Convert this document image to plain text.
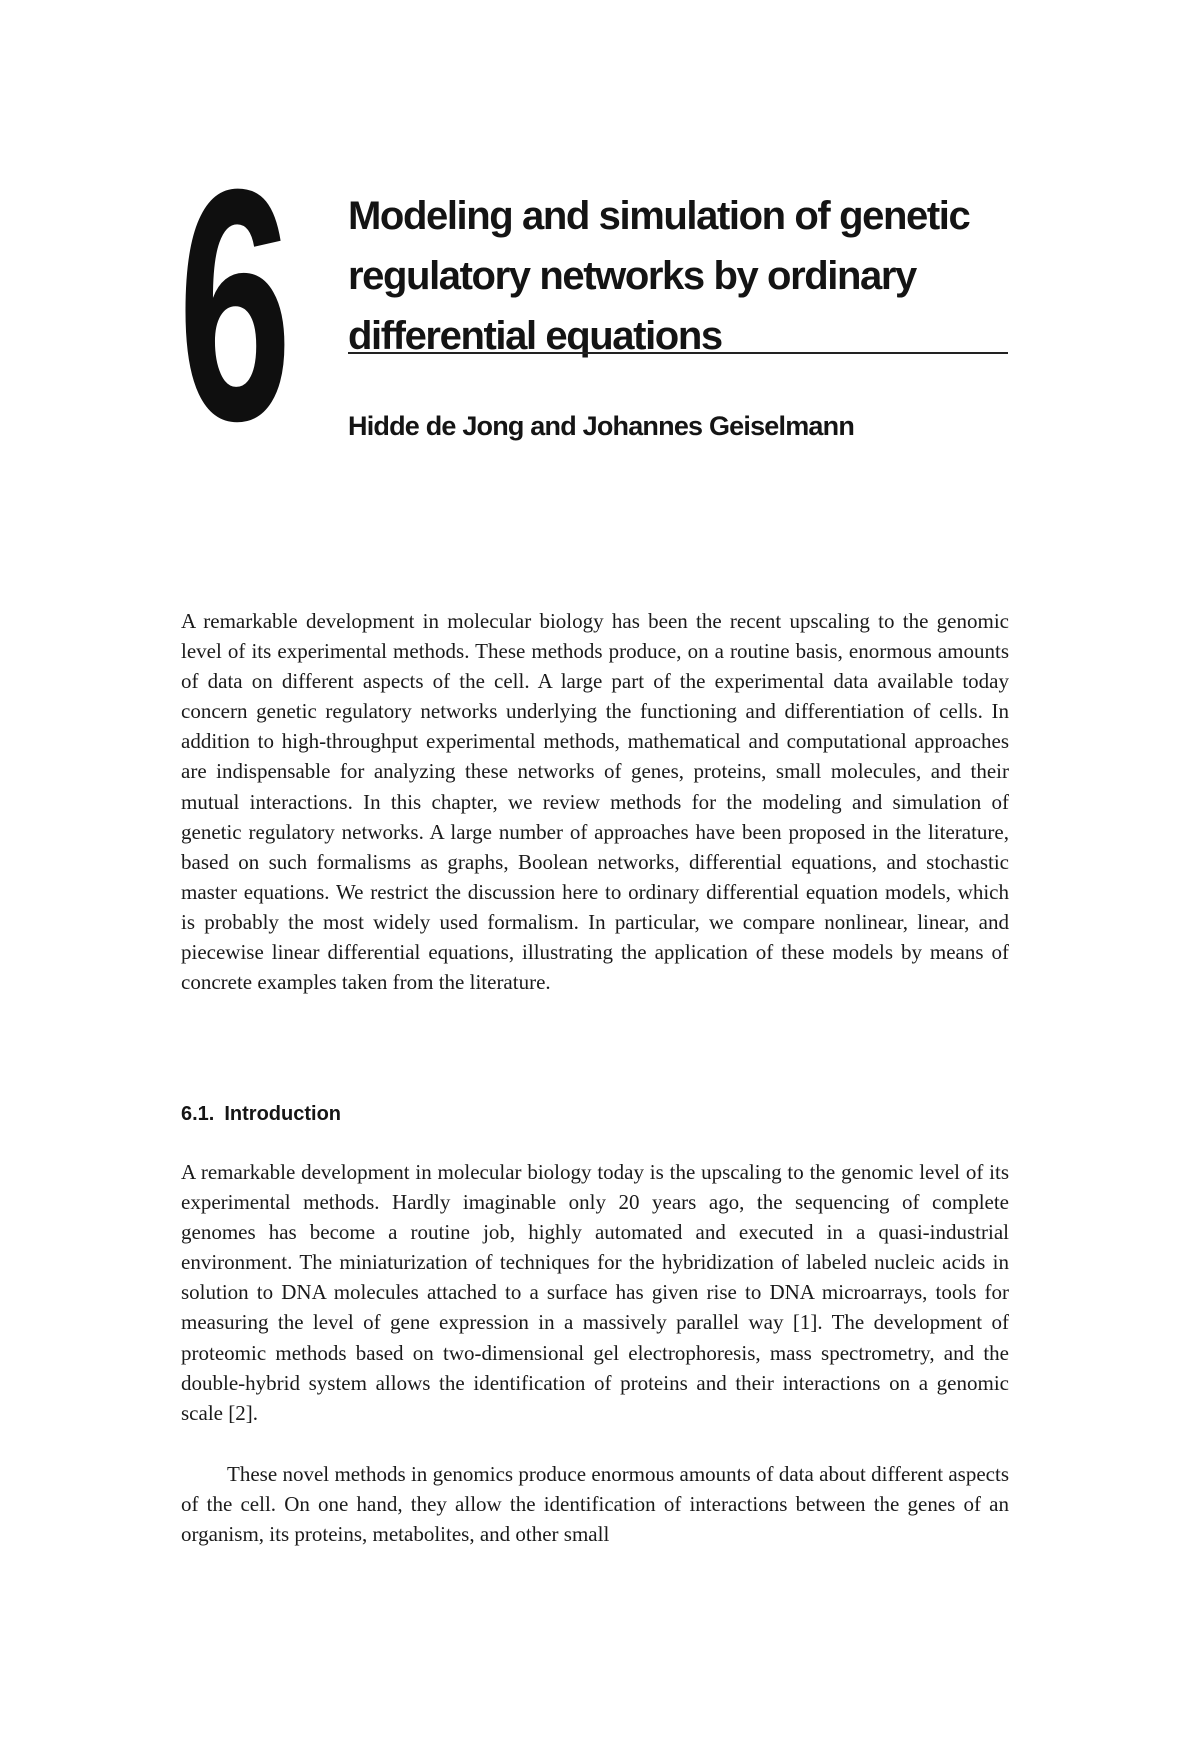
6 Modeling and simulation of genetic regulatory networks by ordinary differential equations

Hidde de Jong and Johannes Geiselmann

A remarkable development in molecular biology has been the recent upscaling to the genomic level of its experimental methods. These methods produce, on a routine basis, enormous amounts of data on different aspects of the cell. A large part of the experimental data available today concern genetic regulatory networks underlying the functioning and differentiation of cells. In addition to high-throughput experimental methods, mathematical and computational approaches are indispensable for analyzing these networks of genes, proteins, small molecules, and their mutual interactions. In this chapter, we review methods for the modeling and simulation of genetic regulatory networks. A large number of approaches have been proposed in the literature, based on such formalisms as graphs, Boolean networks, differential equations, and stochastic master equations. We restrict the discussion here to ordinary differential equation models, which is probably the most widely used formalism. In particular, we compare nonlinear, linear, and piecewise linear differential equations, illustrating the application of these models by means of concrete examples taken from the literature.

6.1. Introduction

A remarkable development in molecular biology today is the upscaling to the genomic level of its experimental methods. Hardly imaginable only 20 years ago, the sequencing of complete genomes has become a routine job, highly automated and executed in a quasi-industrial environment. The miniaturization of techniques for the hybridization of labeled nucleic acids in solution to DNA molecules attached to a surface has given rise to DNA microarrays, tools for measuring the level of gene expression in a massively parallel way [1]. The development of proteomic methods based on two-dimensional gel electrophoresis, mass spectrometry, and the double-hybrid system allows the identification of proteins and their interactions on a genomic scale [2].

These novel methods in genomics produce enormous amounts of data about different aspects of the cell. On one hand, they allow the identification of interactions between the genes of an organism, its proteins, metabolites, and other small
